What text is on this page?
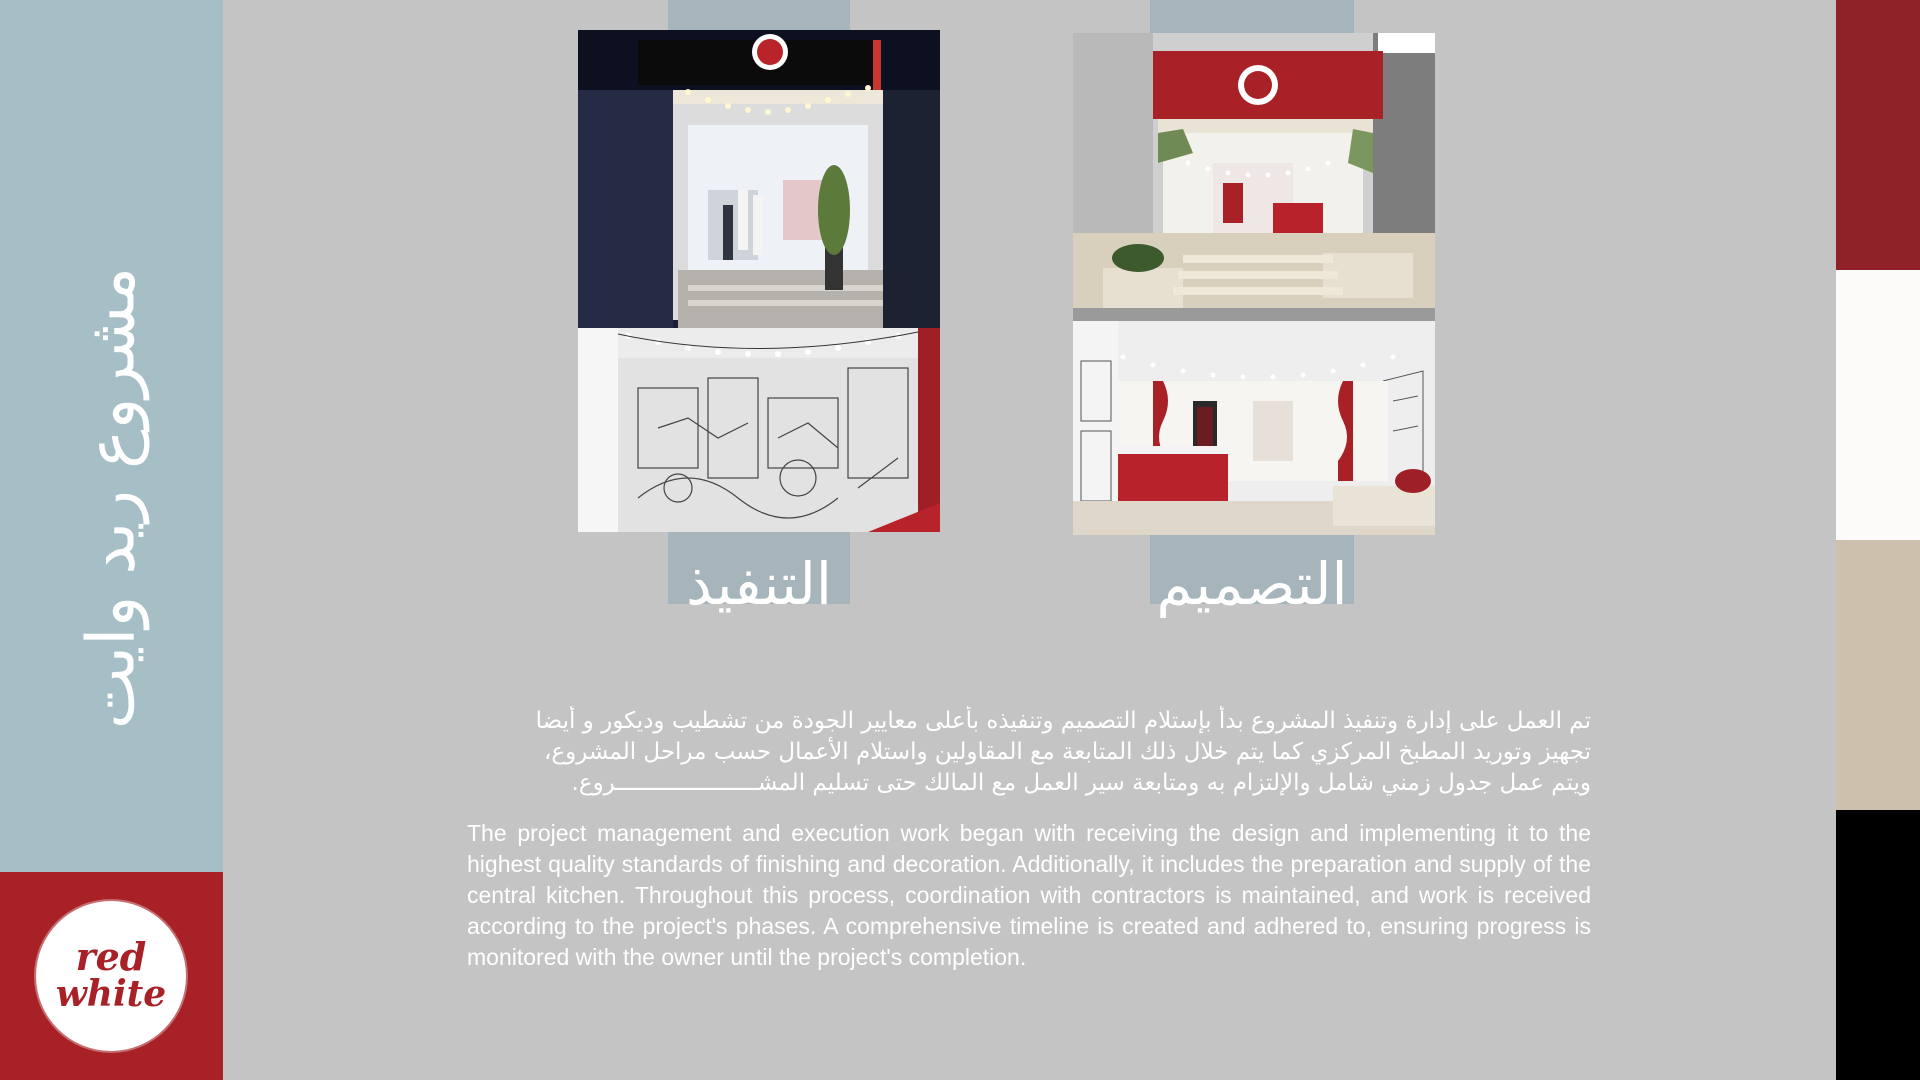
مشروع ريد وايت
red
white
التنفيذ	التصميم
تم العمل على إدارة وتنفيذ المشروع بدأ بإستلام التصميم وتنفيذه بأعلى معايير الجودة من تشطيب وديكور و أيضا
تجهيز وتوريد المطبخ المركزي كما يتم خلال ذلك المتابعة مع المقاولين واستلام الأعمال حسب مراحل المشروع،
ويتم عمل جدول زمني شامل والإلتزام به ومتابعة سير العمل مع المالك حتى تسليم المشـــــــــــــــــــــروع.
The project management and execution work began with receiving the design and implementing it to the highest quality standards of finishing and decoration. Additionally, it includes the preparation and supply of the central kitchen. Throughout this process, coordination with contractors is maintained, and work is received according to the project's phases. A comprehensive timeline is created and adhered to, ensuring progress is monitored with the owner until the project's completion.
